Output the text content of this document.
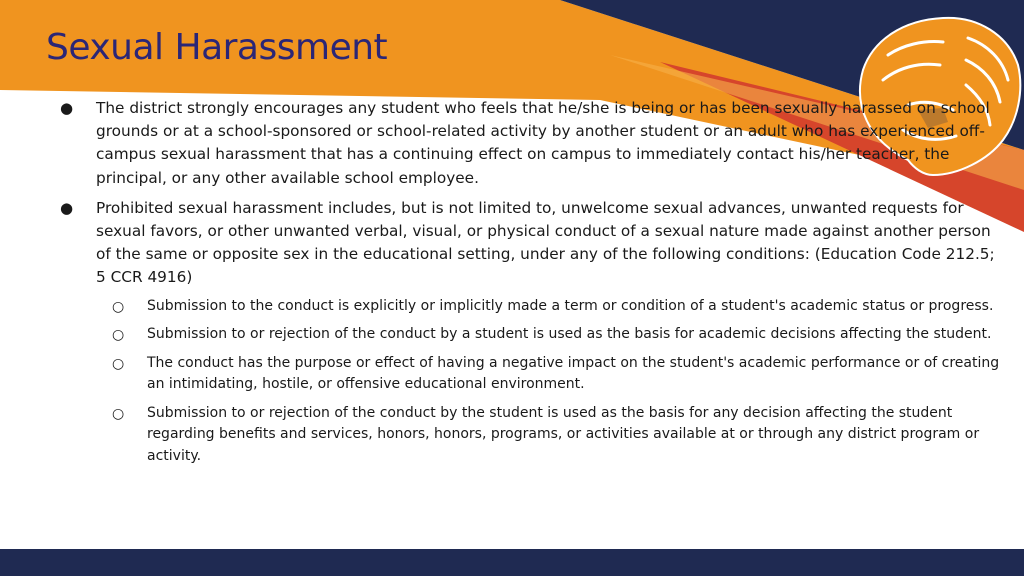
Sexual Harassment
● The district strongly encourages any student who feels that he/she is being or has been sexually harassed on school grounds or at a school-sponsored or school-related activity by another student or an adult who has experienced off-campus sexual harassment that has a continuing effect on campus to immediately contact his/her teacher, the principal, or any other available school employee.
● Prohibited sexual harassment includes, but is not limited to, unwelcome sexual advances, unwanted requests for sexual favors, or other unwanted verbal, visual, or physical conduct of a sexual nature made against another person of the same or opposite sex in the educational setting, under any of the following conditions: (Education Code 212.5; 5 CCR 4916)
○ Submission to the conduct is explicitly or implicitly made a term or condition of a student's academic status or progress.
○ Submission to or rejection of the conduct by a student is used as the basis for academic decisions affecting the student.
○ The conduct has the purpose or effect of having a negative impact on the student's academic performance or of creating an intimidating, hostile, or offensive educational environment.
○ Submission to or rejection of the conduct by the student is used as the basis for any decision affecting the student regarding benefits and services, honors, honors, programs, or activities available at or through any district program or activity.
